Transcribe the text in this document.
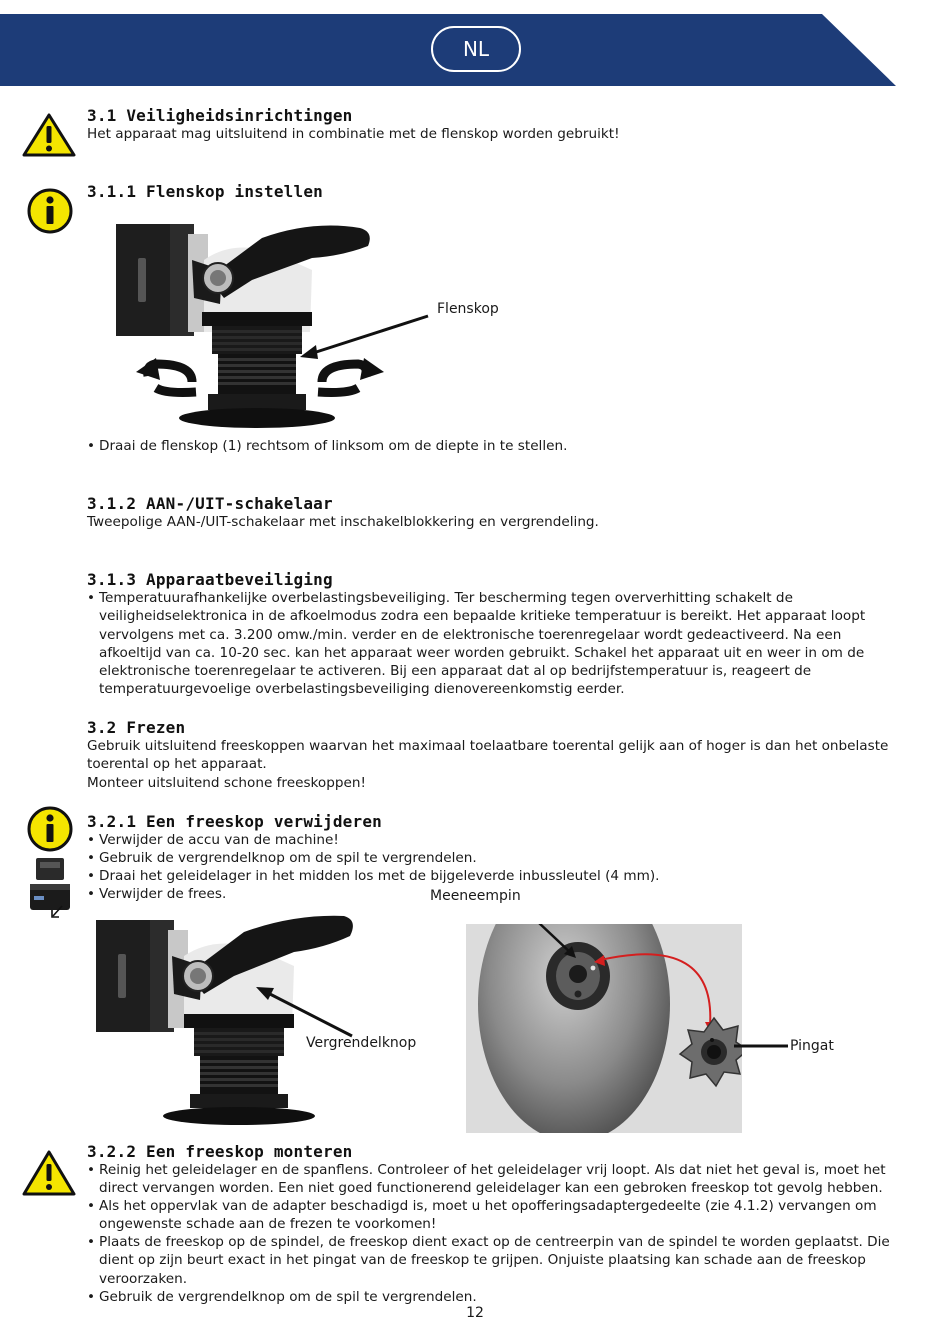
NL
3.1 Veiligheidsinrichtingen

Het apparaat mag uitsluitend in combinatie met de flenskop worden gebruikt!

3.1.1 Flenskop instellen
Flenskop

• Draai de flenskop (1) rechtsom of linksom om de diepte in te stellen.

3.1.2 AAN-/UIT-schakelaar

Tweepolige AAN-/UIT-schakelaar met inschakelblokkering en vergrendeling.

3.1.3 Apparaatbeveiliging
• Temperatuurafhankelijke overbelastingsbeveiliging. Ter bescherming tegen oververhitting schakelt de veiligheidselektronica in de afkoelmodus zodra een bepaalde kritieke temperatuur is bereikt. Het apparaat loopt vervolgens met ca. 3.200 omw./min. verder en de elektronische toerenregelaar wordt gedeactiveerd. Na een afkoeltijd van ca. 10-20 sec. kan het apparaat weer worden gebruikt. Schakel het apparaat uit en weer in om de elektronische toerenregelaar te activeren. Bij een apparaat dat al op bedrijfstemperatuur is, reageert de temperatuurgevoelige overbelastingsbeveiliging dienovereenkomstig eerder.
3.2 Frezen
Gebruik uitsluitend freeskoppen waarvan het maximaal toelaatbare toerental gelijk aan of hoger is dan het onbelaste toerental op het apparaat.

Monteer uitsluitend schone freeskoppen!

3.2.1 Een freeskop verwijderen

• Verwijder de accu van de machine!

• Gebruik de vergrendelknop om de spil te vergrendelen.

• Draai het geleidelager in het midden los met de bijgeleverde inbussleutel (4 mm).

• Verwijder de frees.	Meeneempin
Vergrendelknop	Pingat
3.2.2 Een freeskop monteren
• Reinig het geleidelager en de spanflens. Controleer of het geleidelager vrij loopt. Als dat niet het geval is, moet het direct vervangen worden. Een niet goed functionerend geleidelager kan een gebroken freeskop tot gevolg hebben.
• Als het oppervlak van de adapter beschadigd is, moet u het opofferingsadaptergedeelte (zie 4.1.2) vervangen om ongewenste schade aan de frezen te voorkomen!
• Plaats de freeskop op de spindel, de freeskop dient exact op de centreerpin van de spindel te worden geplaatst. Die dient op zijn beurt exact in het pingat van de freeskop te grijpen. Onjuiste plaatsing kan schade aan de freeskop veroorzaken.

• Gebruik de vergrendelknop om de spil te vergrendelen.

12
